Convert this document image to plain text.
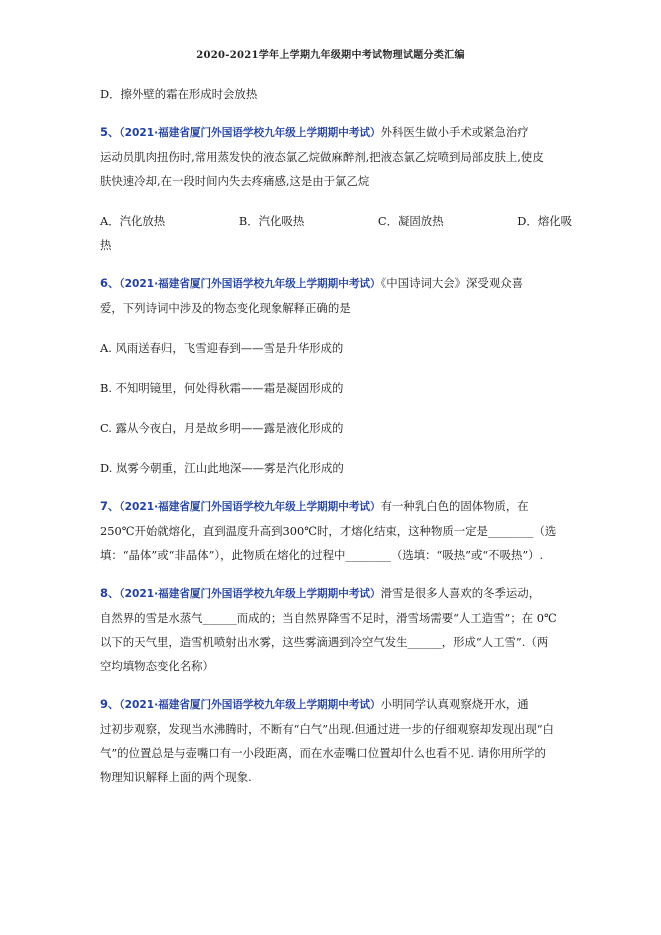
2020-2021学年上学期九年级期中考试物理试题分类汇编
D．擦外壁的霜在形成时会放热
5、（2021·福建省厦门外国语学校九年级上学期期中考试）外科医生做小手术或紧急治疗
运动员肌肉扭伤时,常用蒸发快的液态氯乙烷做麻醉剂,把液态氯乙烷喷到局部皮肤上,使皮
肤快速冷却,在一段时间内失去疼痛感,这是由于氯乙烷
A．汽化放热	B．汽化吸热	C．凝固放热	D．熔化吸
热
6、（2021·福建省厦门外国语学校九年级上学期期中考试）《中国诗词大会》深受观众喜
爱，下列诗词中涉及的物态变化现象解释正确的是
A. 风雨送春归，飞雪迎春到——雪是升华形成的
B. 不知明镜里，何处得秋霜——霜是凝固形成的
C. 露从今夜白，月是故乡明——露是液化形成的
D. 岚雾今朝重，江山此地深——雾是汽化形成的
7、（2021·福建省厦门外国语学校九年级上学期期中考试）有一种乳白色的固体物质，在
250℃开始就熔化，直到温度升高到300℃时，才熔化结束，这种物质一定是________（选
填：“晶体”或“非晶体”），此物质在熔化的过程中________（选填：“吸热”或“不吸热”）.
8、（2021·福建省厦门外国语学校九年级上学期期中考试）滑雪是很多人喜欢的冬季运动，
自然界的雪是水蒸气______而成的；当自然界降雪不足时，滑雪场需要“人工造雪”；在 0℃
以下的天气里，造雪机喷射出水雾，这些雾滴遇到冷空气发生______，形成“人工雪”.（两
空均填物态变化名称）
9、（2021·福建省厦门外国语学校九年级上学期期中考试）小明同学认真观察烧开水，通
过初步观察，发现当水沸腾时，不断有“白气”出现.但通过进一步的仔细观察却发现出现“白
气”的位置总是与壶嘴口有一小段距离，而在水壶嘴口位置却什么也看不见. 请你用所学的
物理知识解释上面的两个现象.
